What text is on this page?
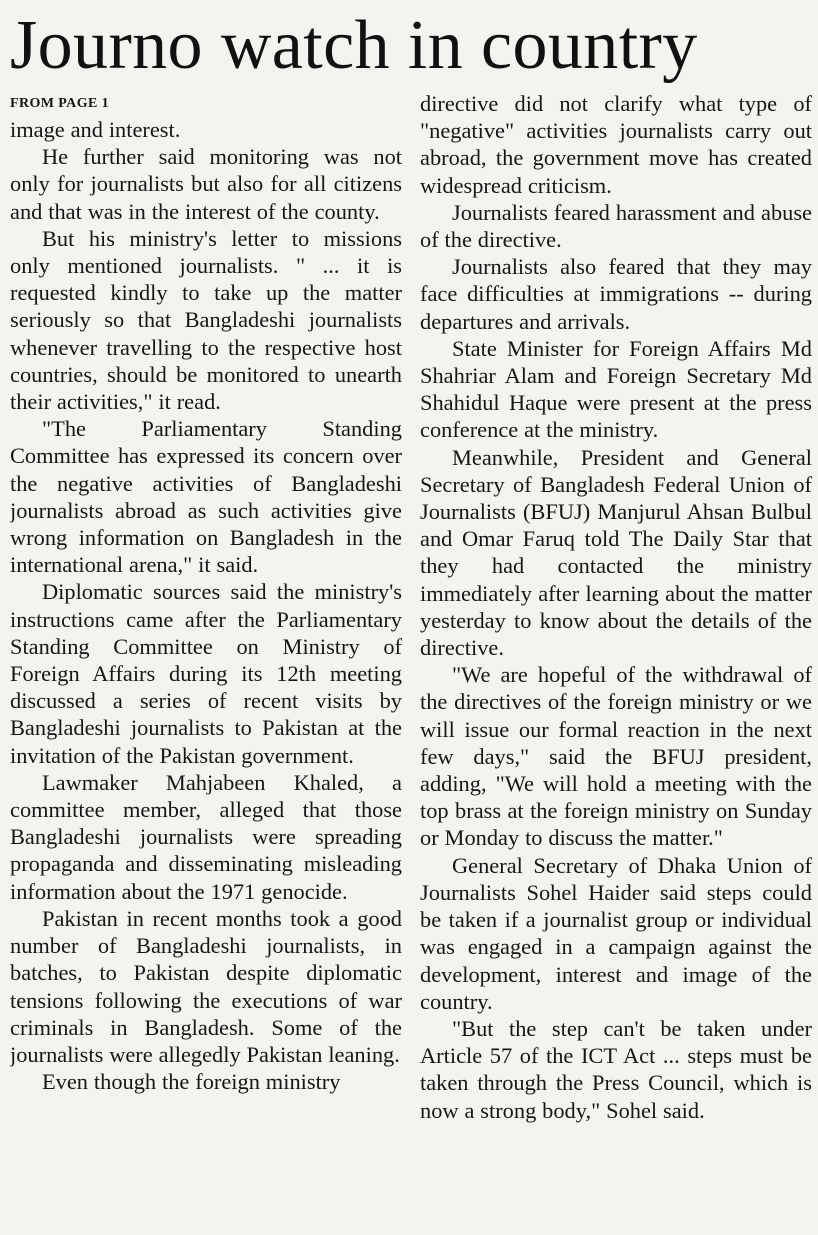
Journo watch in country

FROM PAGE 1

image and interest.

He further said monitoring was not only for journalists but also for all citizens and that was in the interest of the county.

But his ministry's letter to missions only mentioned journalists. " ... it is requested kindly to take up the matter seriously so that Bangladeshi journalists whenever travelling to the respective host countries, should be monitored to unearth their activities," it read.

"The Parliamentary Standing Committee has expressed its concern over the negative activities of Bangladeshi journalists abroad as such activities give wrong information on Bangladesh in the international arena," it said.

Diplomatic sources said the ministry's instructions came after the Parliamentary Standing Committee on Ministry of Foreign Affairs during its 12th meeting discussed a series of recent visits by Bangladeshi journalists to Pakistan at the invitation of the Pakistan government.

Lawmaker Mahjabeen Khaled, a committee member, alleged that those Bangladeshi journalists were spreading propaganda and disseminating misleading information about the 1971 genocide.

Pakistan in recent months took a good number of Bangladeshi journalists, in batches, to Pakistan despite diplomatic tensions following the executions of war criminals in Bangladesh. Some of the journalists were allegedly Pakistan leaning.

Even though the foreign ministry

directive did not clarify what type of "negative" activities journalists carry out abroad, the government move has created widespread criticism.

Journalists feared harassment and abuse of the directive.

Journalists also feared that they may face difficulties at immigrations -- during departures and arrivals.

State Minister for Foreign Affairs Md Shahriar Alam and Foreign Secretary Md Shahidul Haque were present at the press conference at the ministry.

Meanwhile, President and General Secretary of Bangladesh Federal Union of Journalists (BFUJ) Manjurul Ahsan Bulbul and Omar Faruq told The Daily Star that they had contacted the ministry immediately after learning about the matter yesterday to know about the details of the directive.

"We are hopeful of the withdrawal of the directives of the foreign ministry or we will issue our formal reaction in the next few days," said the BFUJ president, adding, "We will hold a meeting with the top brass at the foreign ministry on Sunday or Monday to discuss the matter."

General Secretary of Dhaka Union of Journalists Sohel Haider said steps could be taken if a journalist group or individual was engaged in a campaign against the development, interest and image of the country.

"But the step can't be taken under Article 57 of the ICT Act ... steps must be taken through the Press Council, which is now a strong body," Sohel said.
